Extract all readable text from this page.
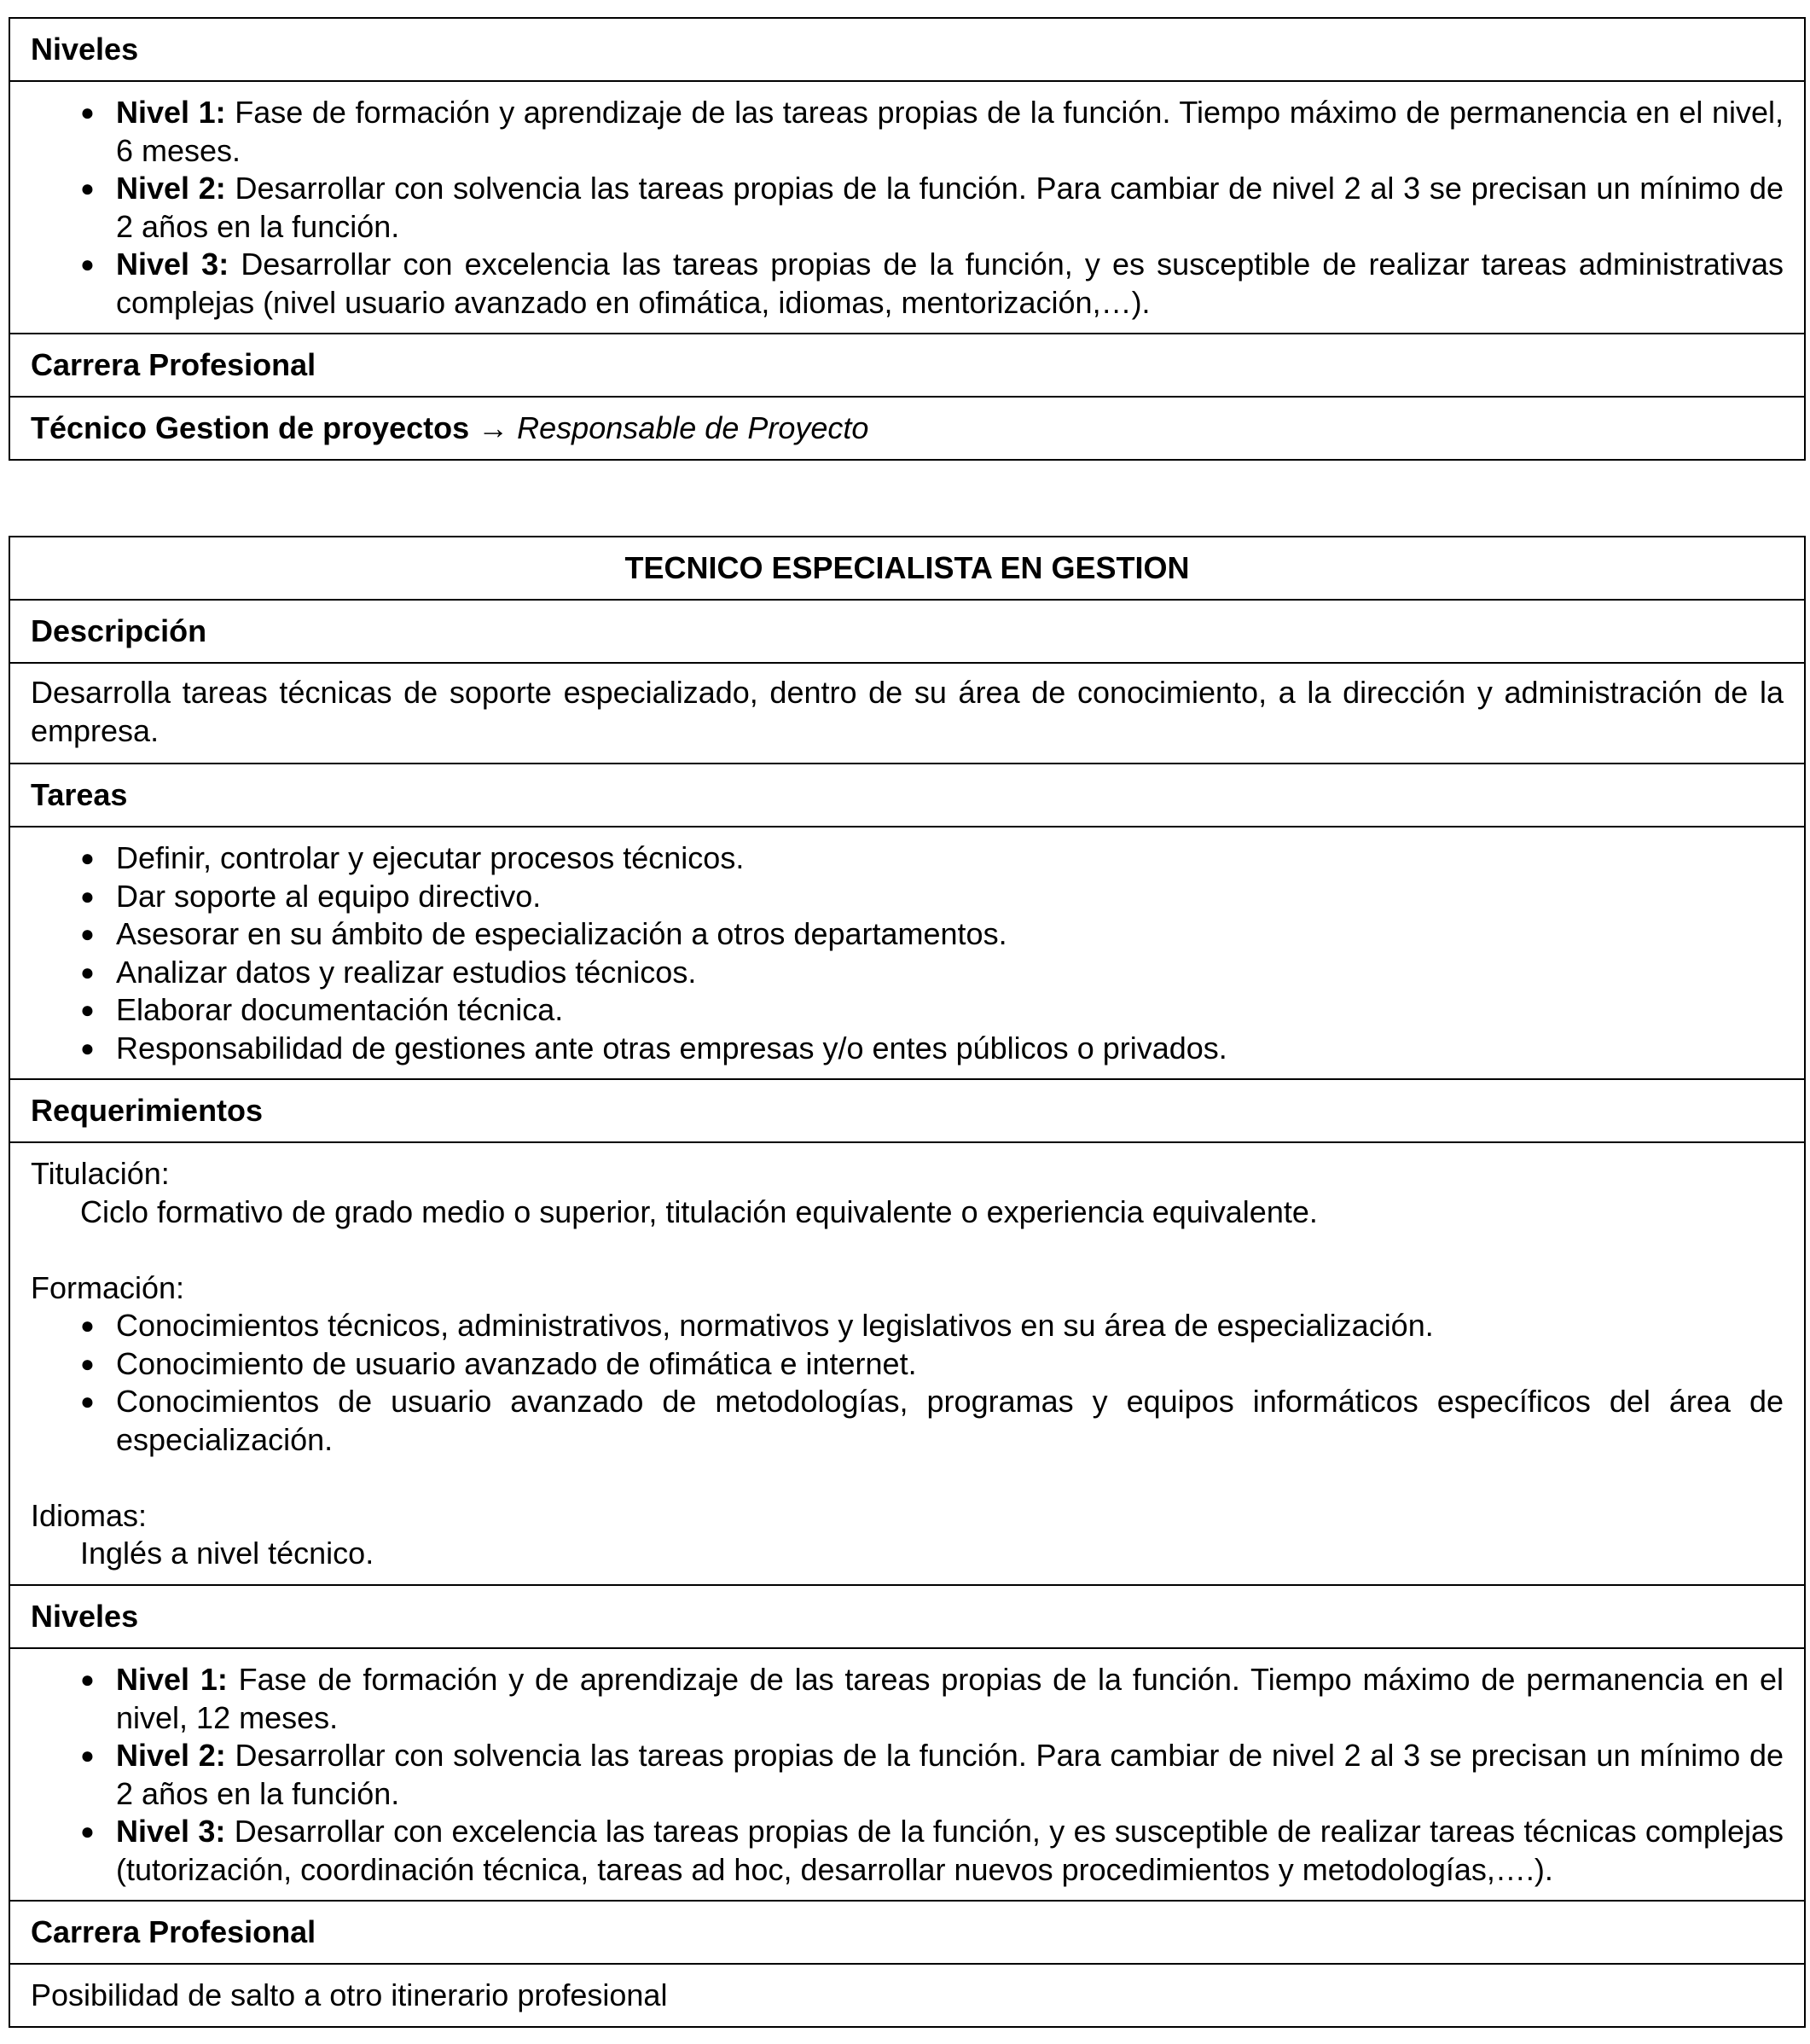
Niveles
● Nivel 1: Fase de formación y aprendizaje de las tareas propias de la función. Tiempo máximo de permanencia en el nivel, 6 meses.
● Nivel 2: Desarrollar con solvencia las tareas propias de la función. Para cambiar de nivel 2 al 3 se precisan un mínimo de 2 años en la función.
● Nivel 3: Desarrollar con excelencia las tareas propias de la función, y es susceptible de realizar tareas administrativas complejas (nivel usuario avanzado en ofimática, idiomas, mentorización,…).
Carrera Profesional
Técnico Gestion de proyectos → Responsable de Proyecto
TECNICO ESPECIALISTA EN GESTION
Descripción
Desarrolla tareas técnicas de soporte especializado, dentro de su área de conocimiento, a la dirección y administración de la empresa.
Tareas
● Definir, controlar y ejecutar procesos técnicos.
● Dar soporte al equipo directivo.
● Asesorar en su ámbito de especialización a otros departamentos.
● Analizar datos y realizar estudios técnicos.
● Elaborar documentación técnica.
● Responsabilidad de gestiones ante otras empresas y/o entes públicos o privados.
Requerimientos
Titulación:
Ciclo formativo de grado medio o superior, titulación equivalente o experiencia equivalente.
Formación:
● Conocimientos técnicos, administrativos, normativos y legislativos en su área de especialización.
● Conocimiento de usuario avanzado de ofimática e internet.
● Conocimientos de usuario avanzado de metodologías, programas y equipos informáticos específicos del área de especialización.
Idiomas:
Inglés a nivel técnico.
Niveles
● Nivel 1: Fase de formación y de aprendizaje de las tareas propias de la función. Tiempo máximo de permanencia en el nivel, 12 meses.
● Nivel 2: Desarrollar con solvencia las tareas propias de la función. Para cambiar de nivel 2 al 3 se precisan un mínimo de 2 años en la función.
● Nivel 3: Desarrollar con excelencia las tareas propias de la función, y es susceptible de realizar tareas técnicas complejas (tutorización, coordinación técnica, tareas ad hoc, desarrollar nuevos procedimientos y metodologías,….).
Carrera Profesional
Posibilidad de salto a otro itinerario profesional
